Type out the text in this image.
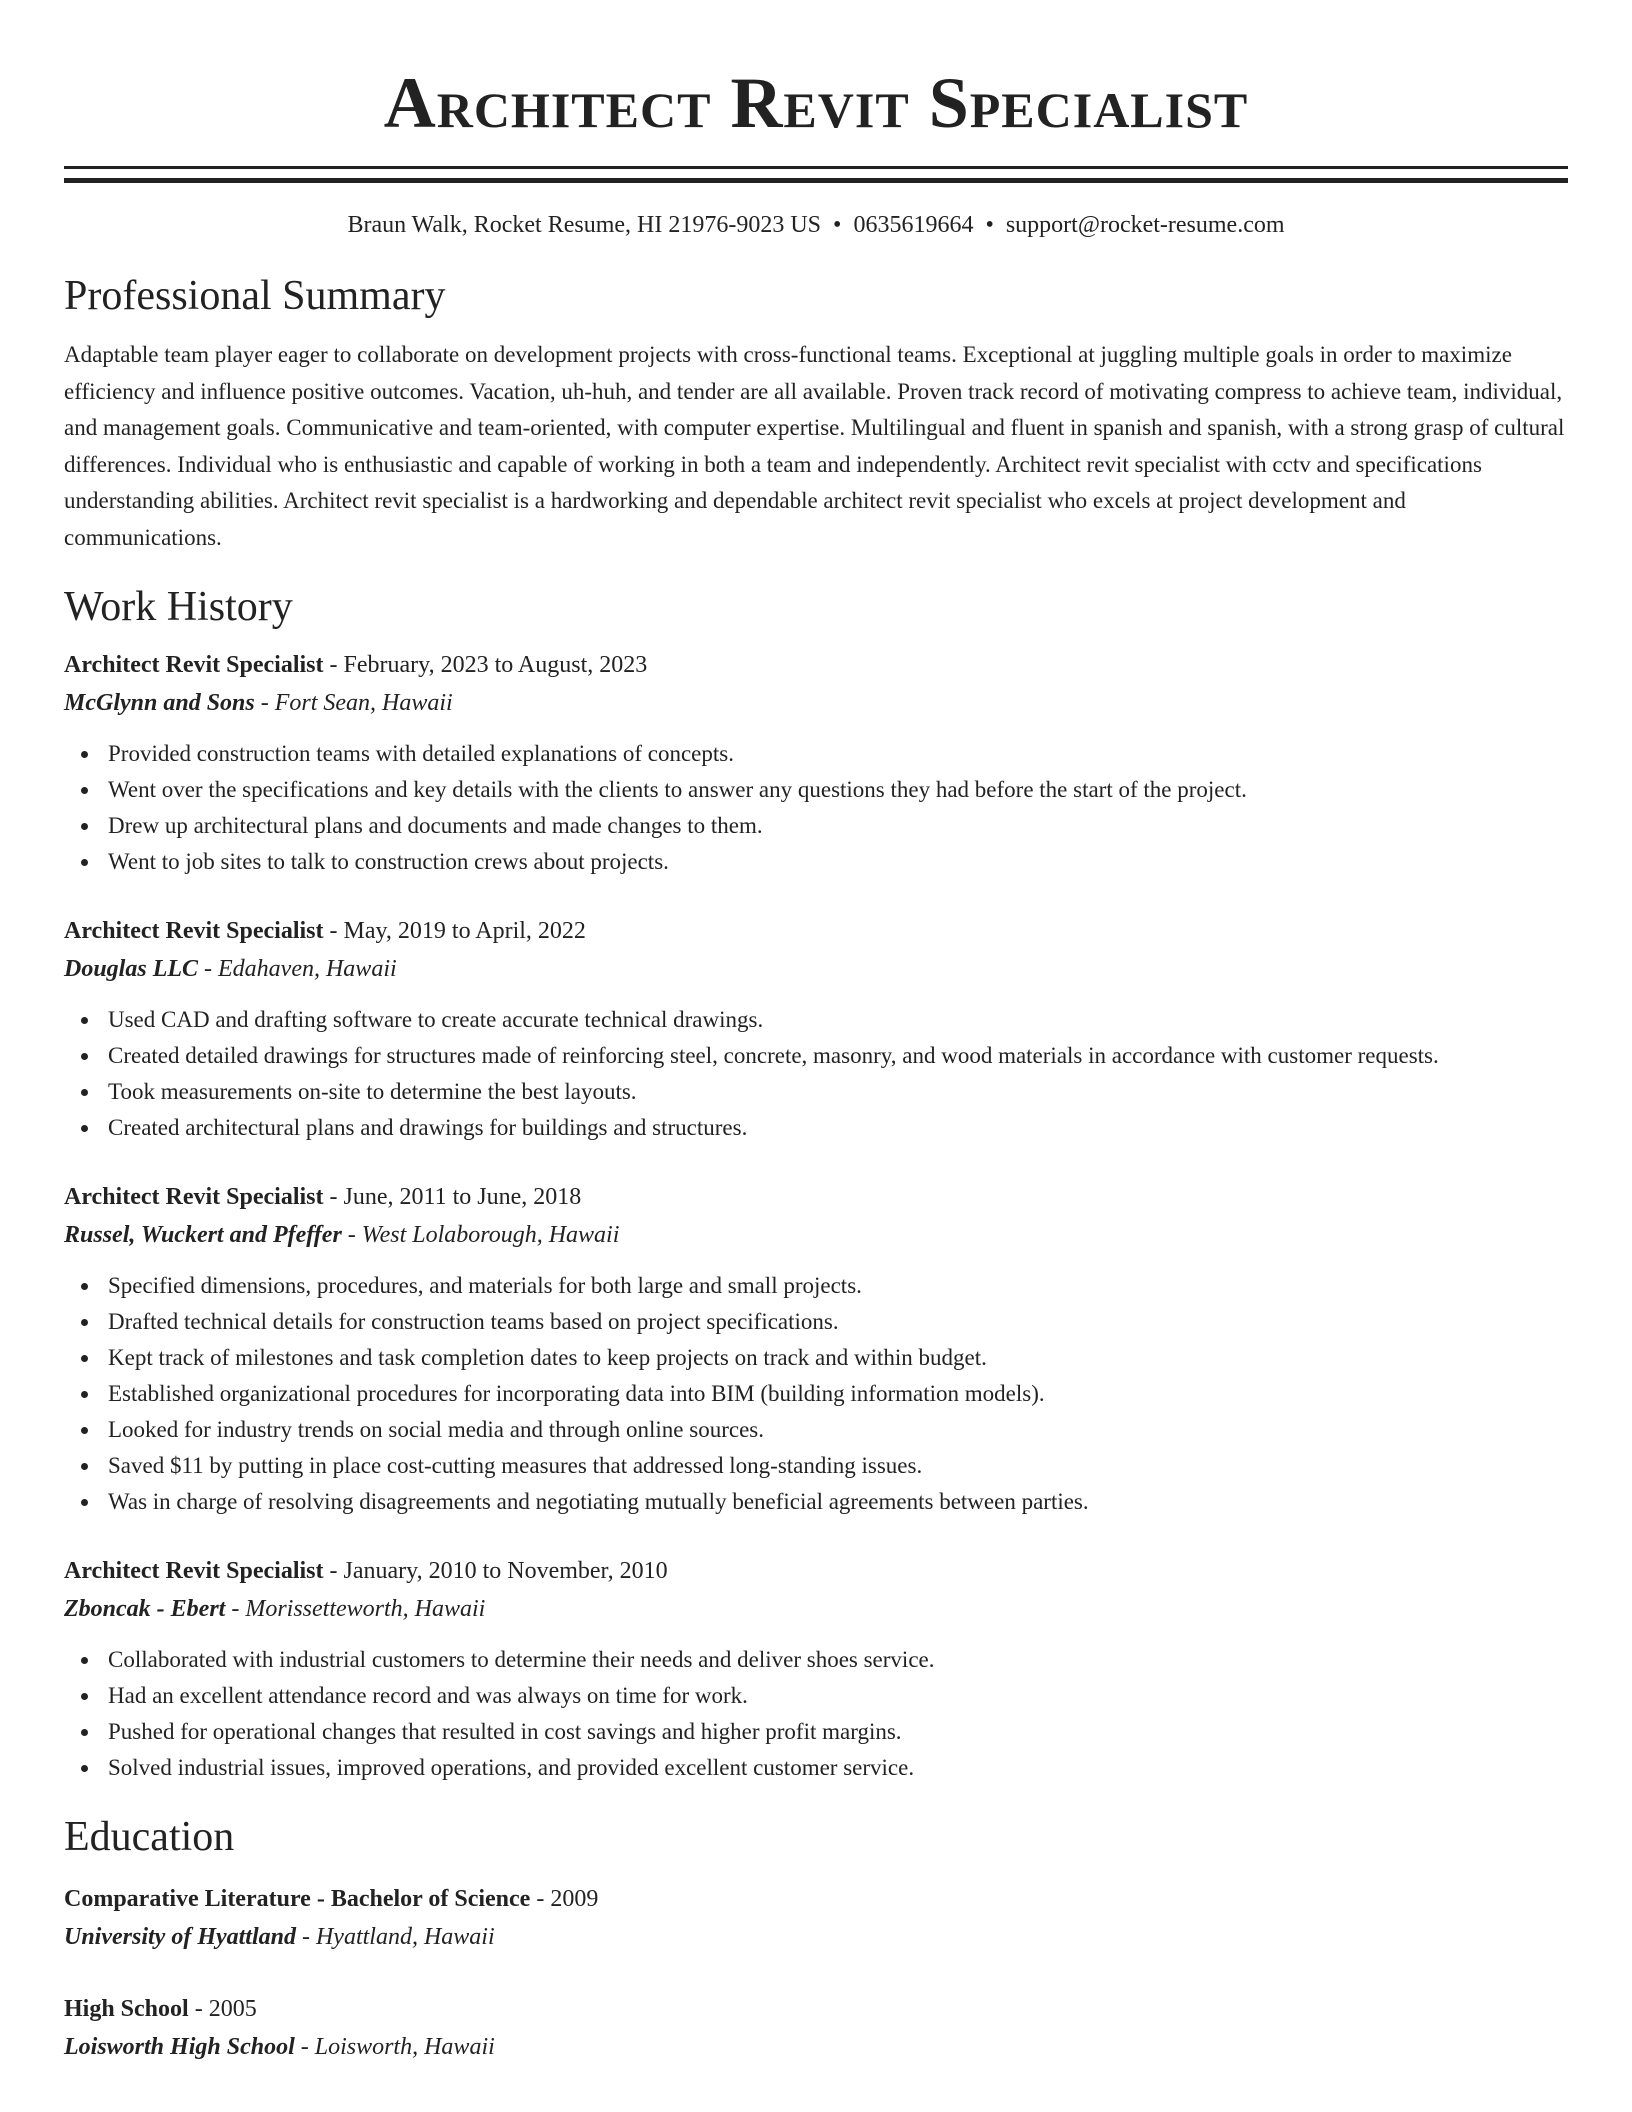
Architect Revit Specialist
Braun Walk, Rocket Resume, HI 21976-9023 US • 0635619664 • support@rocket-resume.com
Professional Summary
Adaptable team player eager to collaborate on development projects with cross-functional teams. Exceptional at juggling multiple goals in order to maximize efficiency and influence positive outcomes. Vacation, uh-huh, and tender are all available. Proven track record of motivating compress to achieve team, individual, and management goals. Communicative and team-oriented, with computer expertise. Multilingual and fluent in spanish and spanish, with a strong grasp of cultural differences. Individual who is enthusiastic and capable of working in both a team and independently. Architect revit specialist with cctv and specifications understanding abilities. Architect revit specialist is a hardworking and dependable architect revit specialist who excels at project development and communications.
Work History
Architect Revit Specialist - February, 2023 to August, 2023
McGlynn and Sons - Fort Sean, Hawaii
Provided construction teams with detailed explanations of concepts.
Went over the specifications and key details with the clients to answer any questions they had before the start of the project.
Drew up architectural plans and documents and made changes to them.
Went to job sites to talk to construction crews about projects.
Architect Revit Specialist - May, 2019 to April, 2022
Douglas LLC - Edahaven, Hawaii
Used CAD and drafting software to create accurate technical drawings.
Created detailed drawings for structures made of reinforcing steel, concrete, masonry, and wood materials in accordance with customer requests.
Took measurements on-site to determine the best layouts.
Created architectural plans and drawings for buildings and structures.
Architect Revit Specialist - June, 2011 to June, 2018
Russel, Wuckert and Pfeffer - West Lolaborough, Hawaii
Specified dimensions, procedures, and materials for both large and small projects.
Drafted technical details for construction teams based on project specifications.
Kept track of milestones and task completion dates to keep projects on track and within budget.
Established organizational procedures for incorporating data into BIM (building information models).
Looked for industry trends on social media and through online sources.
Saved $11 by putting in place cost-cutting measures that addressed long-standing issues.
Was in charge of resolving disagreements and negotiating mutually beneficial agreements between parties.
Architect Revit Specialist - January, 2010 to November, 2010
Zboncak - Ebert - Morissetteworth, Hawaii
Collaborated with industrial customers to determine their needs and deliver shoes service.
Had an excellent attendance record and was always on time for work.
Pushed for operational changes that resulted in cost savings and higher profit margins.
Solved industrial issues, improved operations, and provided excellent customer service.
Education
Comparative Literature - Bachelor of Science - 2009
University of Hyattland - Hyattland, Hawaii
High School - 2005
Loisworth High School - Loisworth, Hawaii
